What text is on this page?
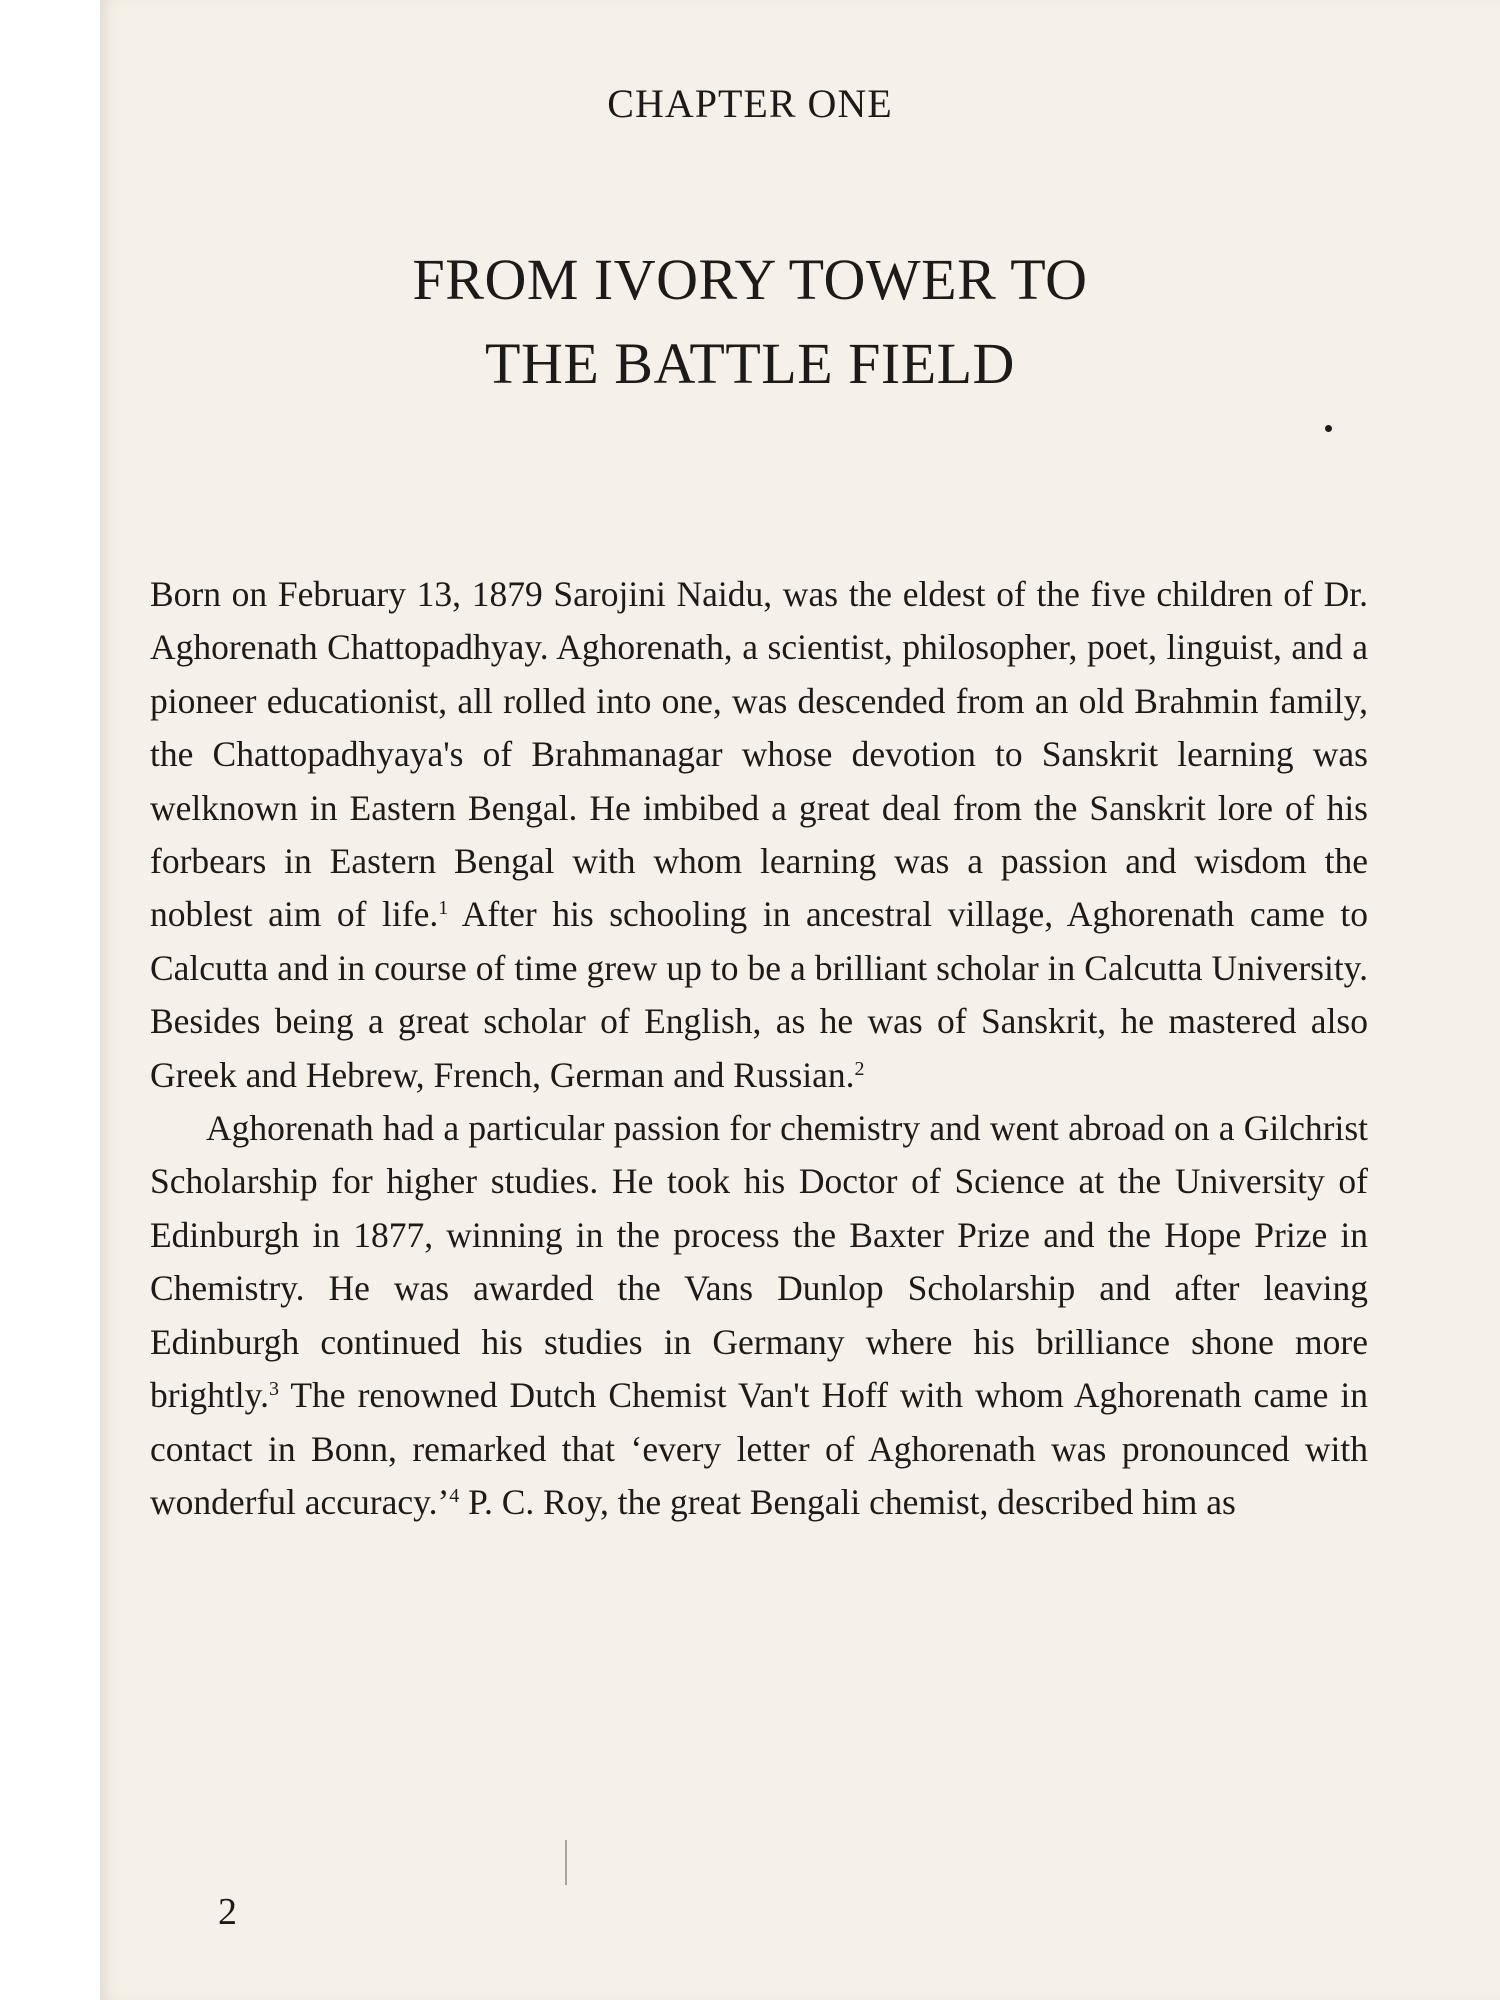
CHAPTER ONE
FROM IVORY TOWER TO
THE BATTLE FIELD

Born on February 13, 1879 Sarojini Naidu, was the eldest of the five children of Dr. Aghorenath Chattopadhyay. Aghorenath, a scientist, philosopher, poet, linguist, and a pioneer educationist, all rolled into one, was descended from an old Brahmin family, the Chattopadhyaya's of Brahmanagar whose devotion to Sanskrit learning was welknown in Eastern Bengal. He imbibed a great deal from the Sanskrit lore of his forbears in Eastern Bengal with whom learning was a passion and wisdom the noblest aim of life.$^1$ After his schooling in ancestral village, Aghorenath came to Calcutta and in course of time grew up to be a brilliant scholar in Calcutta University. Besides being a great scholar of English, as he was of Sanskrit, he mastered also Greek and Hebrew, French, German and Russian.$^2$

Aghorenath had a particular passion for chemistry and went abroad on a Gilchrist Scholarship for higher studies. He took his Doctor of Science at the University of Edinburgh in 1877, winning in the process the Baxter Prize and the Hope Prize in Chemistry. He was awarded the Vans Dunlop Scholarship and after leaving Edinburgh continued his studies in Germany where his brilliance shone more brightly.$^3$ The renowned Dutch Chemist Van't Hoff with whom Aghorenath came in contact in Bonn, remarked that ‘every letter of Aghorenath was pronounced with wonderful accuracy.’$^4$ P. C. Roy, the great Bengali chemist, described him as

2
